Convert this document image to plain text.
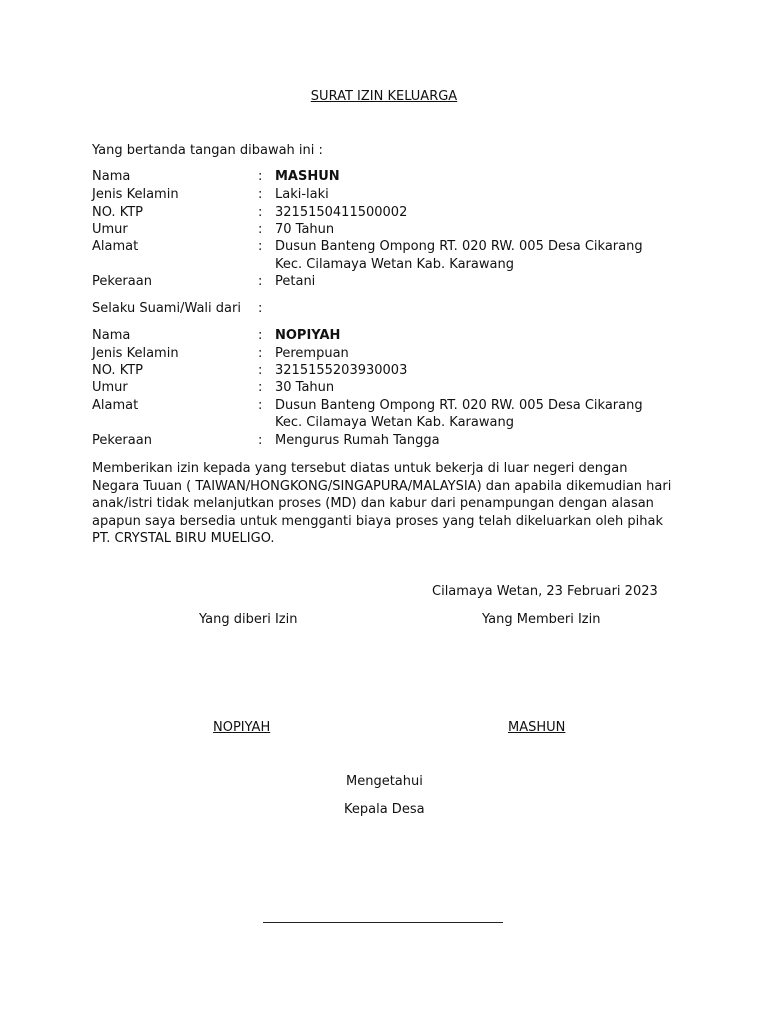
SURAT IZIN KELUARGA
Yang bertanda tangan dibawah ini :
Nama	: MASHUN
Jenis Kelamin	: Laki-laki
NO. KTP	: 3215150411500002
Umur	: 70 Tahun
Alamat	: Dusun Banteng Ompong RT. 020 RW. 005 Desa Cikarang
Kec. Cilamaya Wetan Kab. Karawang
Pekeraan	: Petani
Selaku Suami/Wali dari :
Nama	: NOPIYAH
Jenis Kelamin	: Perempuan
NO. KTP	: 3215155203930003
Umur	: 30 Tahun
Alamat	: Dusun Banteng Ompong RT. 020 RW. 005 Desa Cikarang
Kec. Cilamaya Wetan Kab. Karawang
Pekeraan	: Mengurus Rumah Tangga
Memberikan izin kepada yang tersebut diatas untuk bekerja di luar negeri dengan Negara Tuuan ( TAIWAN/HONGKONG/SINGAPURA/MALAYSIA) dan apabila dikemudian hari anak/istri tidak melanjutkan proses (MD) dan kabur dari penampungan dengan alasan apapun saya bersedia untuk mengganti biaya proses yang telah dikeluarkan oleh pihak PT. CRYSTAL BIRU MUELIGO.
Cilamaya Wetan, 23 Februari 2023
Yang diberi Izin	Yang Memberi Izin
NOPIYAH	MASHUN
Mengetahui
Kepala Desa
